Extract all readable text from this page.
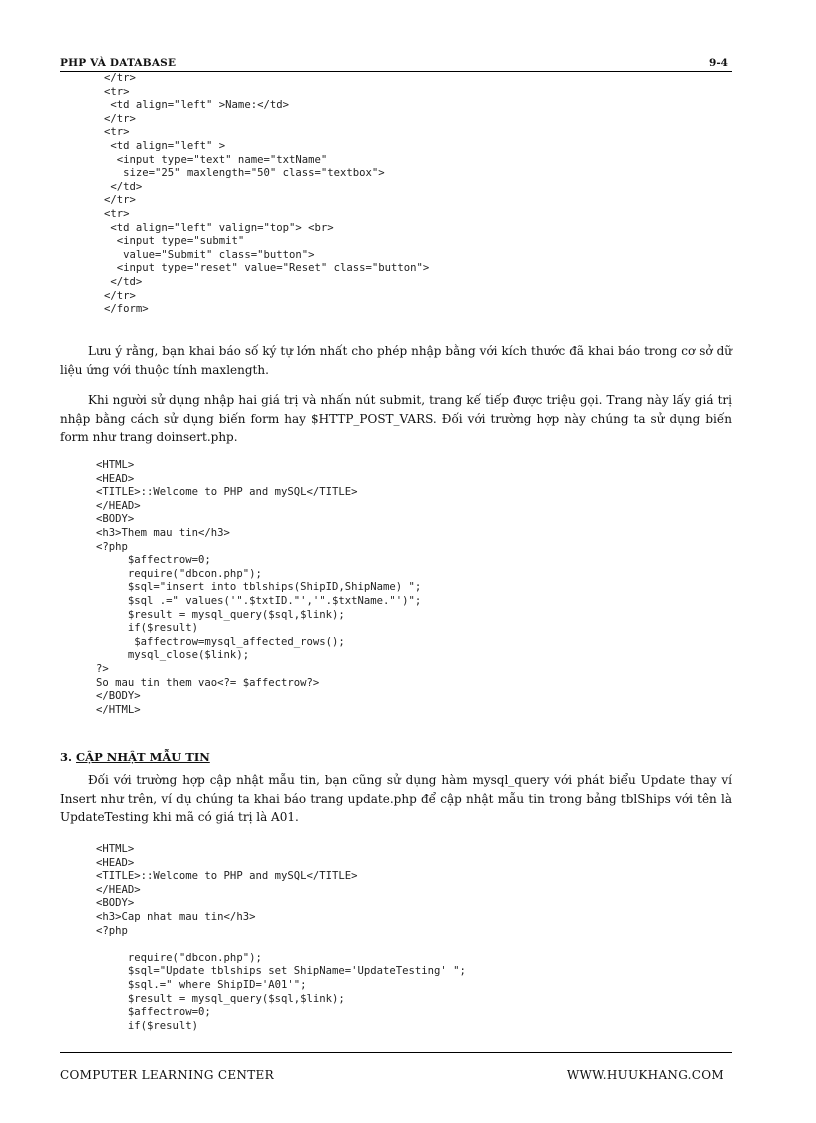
PHP VÀ DATABASE	9-4
</tr>
<tr>
<td align="left" >Name:</td>
</tr>
<tr>
<td align="left" >
<input type="text" name="txtName"
size="25" maxlength="50" class="textbox">
</td>
</tr>
<tr>
<td align="left" valign="top"> <br>
<input type="submit"
value="Submit" class="button">
<input type="reset" value="Reset" class="button">
</td>
</tr>
</form>

Lưu ý rằng, bạn khai báo số ký tự lớn nhất cho phép nhập bằng với kích thước đã khai báo trong cơ sở dữ liệu ứng với thuộc tính maxlength.

Khi người sử dụng nhập hai giá trị và nhấn nút submit, trang kế tiếp được triệu gọi. Trang này lấy giá trị nhập bằng cách sử dụng biến form hay $HTTP_POST_VARS. Đối với trường hợp này chúng ta sử dụng biến form như trang doinsert.php.

<HTML>
<HEAD>
<TITLE>::Welcome to PHP and mySQL</TITLE>
</HEAD>
<BODY>
<h3>Them mau tin</h3>
<?php
$affectrow=0;
require("dbcon.php");
$sql="insert into tblships(ShipID,ShipName) ";
$sql .=" values('".$txtID."','".$txtName."')";
$result = mysql_query($sql,$link);
if($result)
$affectrow=mysql_affected_rows();
mysql_close($link);
?>
So mau tin them vao<?= $affectrow?>
</BODY>
</HTML>
3. CẬP NHẬT MẪU TIN

Đối với trường hợp cập nhật mẫu tin, bạn cũng sử dụng hàm mysql_query với phát biểu Update thay ví Insert như trên, ví dụ chúng ta khai báo trang update.php để cập nhật mẫu tin trong bảng tblShips với tên là UpdateTesting khi mã có giá trị là A01.

<HTML>
<HEAD>
<TITLE>::Welcome to PHP and mySQL</TITLE>
</HEAD>
<BODY>
<h3>Cap nhat mau tin</h3>
<?php
require("dbcon.php");
$sql="Update tblships set ShipName='UpdateTesting' ";
$sql.=" where ShipID='A01'";
$result = mysql_query($sql,$link);
$affectrow=0;
if($result)
COMPUTER LEARNING CENTER	WWW.HUUKHANG.COM
